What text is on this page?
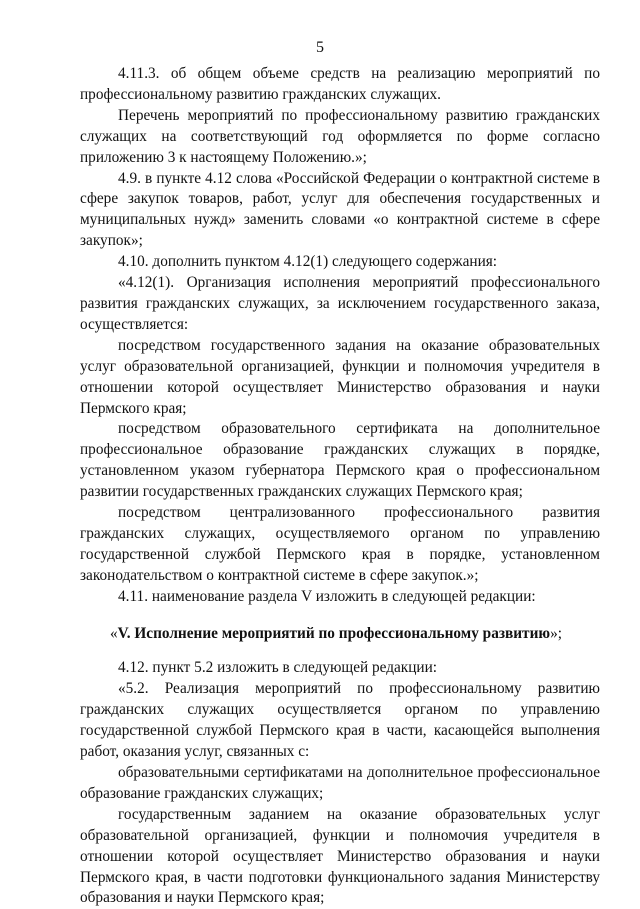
5

4.11.3. об общем объеме средств на реализацию мероприятий по профессиональному развитию гражданских служащих.

Перечень мероприятий по профессиональному развитию гражданских служащих на соответствующий год оформляется по форме согласно приложению 3 к настоящему Положению.»;

4.9. в пункте 4.12 слова «Российской Федерации о контрактной системе в сфере закупок товаров, работ, услуг для обеспечения государственных и муниципальных нужд» заменить словами «о контрактной системе в сфере закупок»;

4.10. дополнить пунктом 4.12(1) следующего содержания:

«4.12(1). Организация исполнения мероприятий профессионального развития гражданских служащих, за исключением государственного заказа, осуществляется:

посредством государственного задания на оказание образовательных услуг образовательной организацией, функции и полномочия учредителя в отношении которой осуществляет Министерство образования и науки Пермского края;

посредством образовательного сертификата на дополнительное профессиональное образование гражданских служащих в порядке, установленном указом губернатора Пермского края о профессиональном развитии государственных гражданских служащих Пермского края;

посредством централизованного профессионального развития гражданских служащих, осуществляемого органом по управлению государственной службой Пермского края в порядке, установленном законодательством о контрактной системе в сфере закупок.»;

4.11. наименование раздела V изложить в следующей редакции:

«V. Исполнение мероприятий по профессиональному развитию»;

4.12. пункт 5.2 изложить в следующей редакции:

«5.2. Реализация мероприятий по профессиональному развитию гражданских служащих осуществляется органом по управлению государственной службой Пермского края в части, касающейся выполнения работ, оказания услуг, связанных с:

образовательными сертификатами на дополнительное профессиональное образование гражданских служащих;

государственным заданием на оказание образовательных услуг образовательной организацией, функции и полномочия учредителя в отношении которой осуществляет Министерство образования и науки Пермского края, в части подготовки функционального задания Министерству образования и науки Пермского края;
